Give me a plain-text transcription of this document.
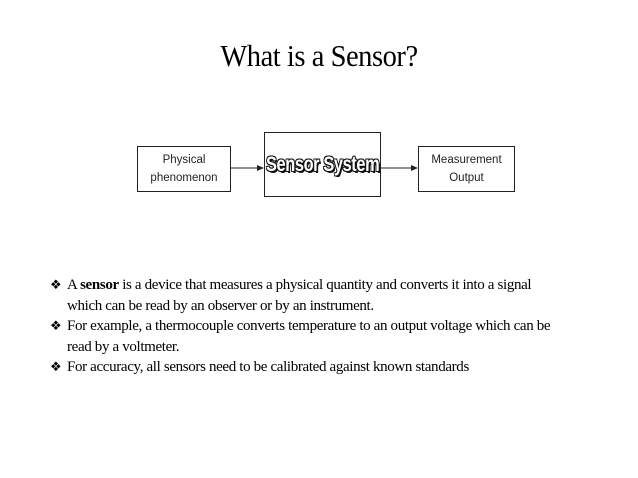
What is a Sensor?
Physical
phenomenon
Sensor System	Measurement
Output

❖ A sensor is a device that measures a physical quantity and converts it into a signal
which can be read by an observer or by an instrument.

❖ For example, a thermocouple converts temperature to an output voltage which can be
read by a voltmeter.

❖ For accuracy, all sensors need to be calibrated against known standards
